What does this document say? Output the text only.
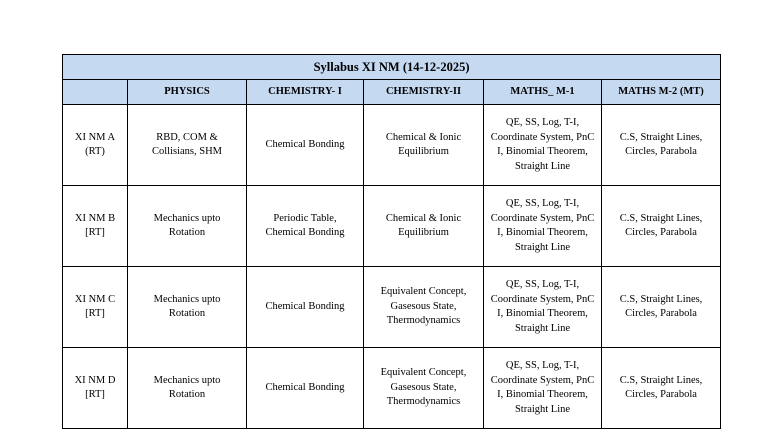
Syllabus XI NM (14-12-2025)					
	PHYSICS	CHEMISTRY- I	CHEMISTRY-II	MATHS_ M-1	MATHS M-2 (MT)

XI NM A
(RT)	RBD, COM &
Collisians, SHM	Chemical Bonding	Chemical & Ionic
Equilibrium	QE, SS, Log, T-I,
Coordinate System, PnC
I, Binomial Theorem,
Straight Line	C.S, Straight Lines,
Circles, Parabola

XI NM B
[RT]	Mechanics upto
Rotation	Periodic Table,
Chemical Bonding	Chemical & Ionic
Equilibrium	QE, SS, Log, T-I,
Coordinate System, PnC
I, Binomial Theorem,
Straight Line	C.S, Straight Lines,
Circles, Parabola

XI NM C
[RT]	Mechanics upto
Rotation	Chemical Bonding	Equivalent Concept,
Gasesous State,
Thermodynamics	QE, SS, Log, T-I,
Coordinate System, PnC
I, Binomial Theorem,
Straight Line	C.S, Straight Lines,
Circles, Parabola

XI NM D
[RT]	Mechanics upto
Rotation	Chemical Bonding	Equivalent Concept,
Gasesous State,
Thermodynamics	QE, SS, Log, T-I,
Coordinate System, PnC
I, Binomial Theorem,
Straight Line	C.S, Straight Lines,
Circles, Parabola
